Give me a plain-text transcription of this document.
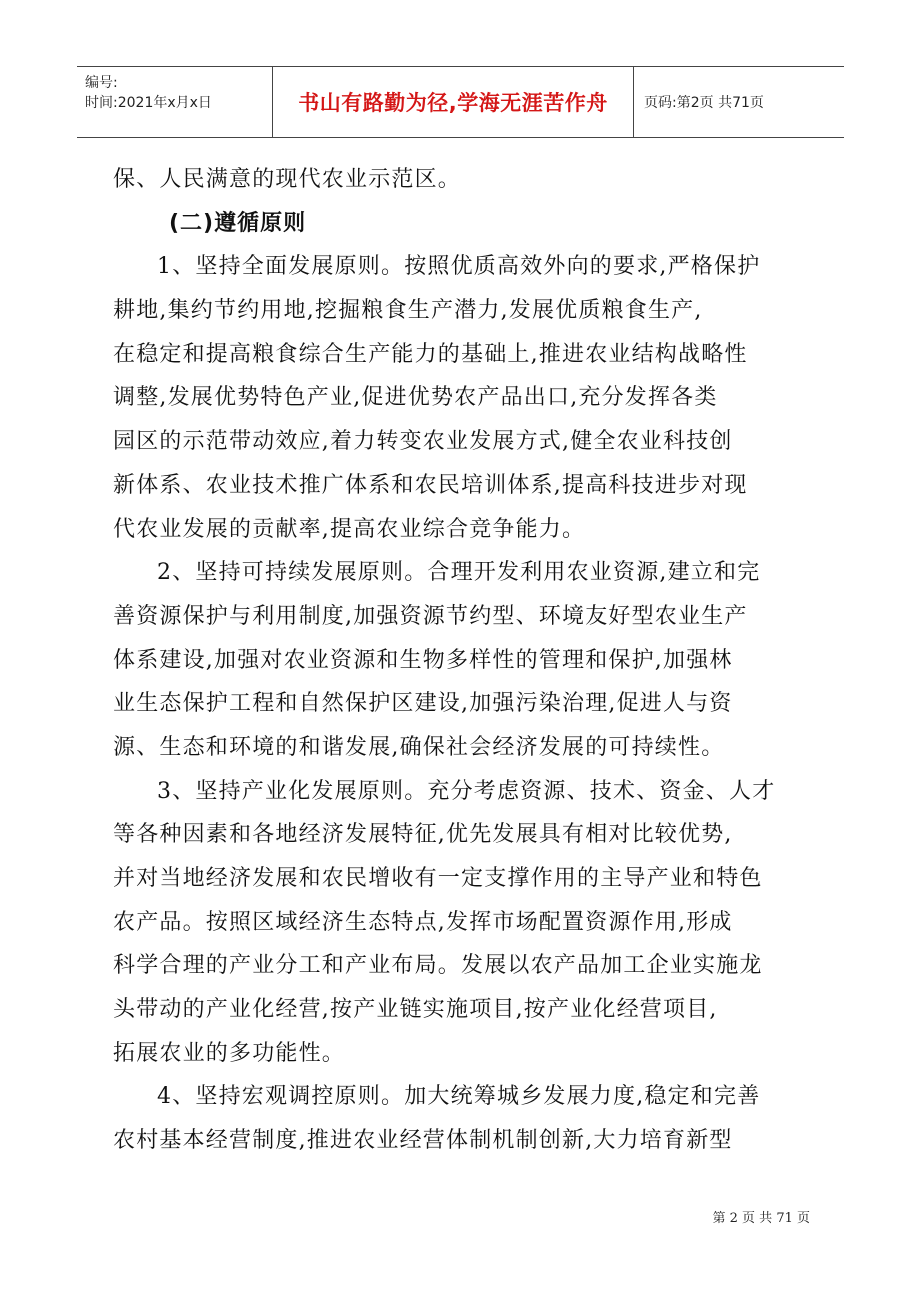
编号:
时间:2021年x月x日	书山有路勤为径,学海无涯苦作舟	页码:第2页 共71页
保、人民满意的现代农业示范区。
(二)遵循原则
1、坚持全面发展原则。按照优质高效外向的要求,严格保护
耕地,集约节约用地,挖掘粮食生产潜力,发展优质粮食生产,
在稳定和提高粮食综合生产能力的基础上,推进农业结构战略性
调整,发展优势特色产业,促进优势农产品出口,充分发挥各类
园区的示范带动效应,着力转变农业发展方式,健全农业科技创
新体系、农业技术推广体系和农民培训体系,提高科技进步对现
代农业发展的贡献率,提高农业综合竞争能力。
2、坚持可持续发展原则。合理开发利用农业资源,建立和完
善资源保护与利用制度,加强资源节约型、环境友好型农业生产
体系建设,加强对农业资源和生物多样性的管理和保护,加强林
业生态保护工程和自然保护区建设,加强污染治理,促进人与资
源、生态和环境的和谐发展,确保社会经济发展的可持续性。
3、坚持产业化发展原则。充分考虑资源、技术、资金、人才
等各种因素和各地经济发展特征,优先发展具有相对比较优势,
并对当地经济发展和农民增收有一定支撑作用的主导产业和特色
农产品。按照区域经济生态特点,发挥市场配置资源作用,形成
科学合理的产业分工和产业布局。发展以农产品加工企业实施龙
头带动的产业化经营,按产业链实施项目,按产业化经营项目,
拓展农业的多功能性。
4、坚持宏观调控原则。加大统筹城乡发展力度,稳定和完善
农村基本经营制度,推进农业经营体制机制创新,大力培育新型
第 2 页 共 71 页
